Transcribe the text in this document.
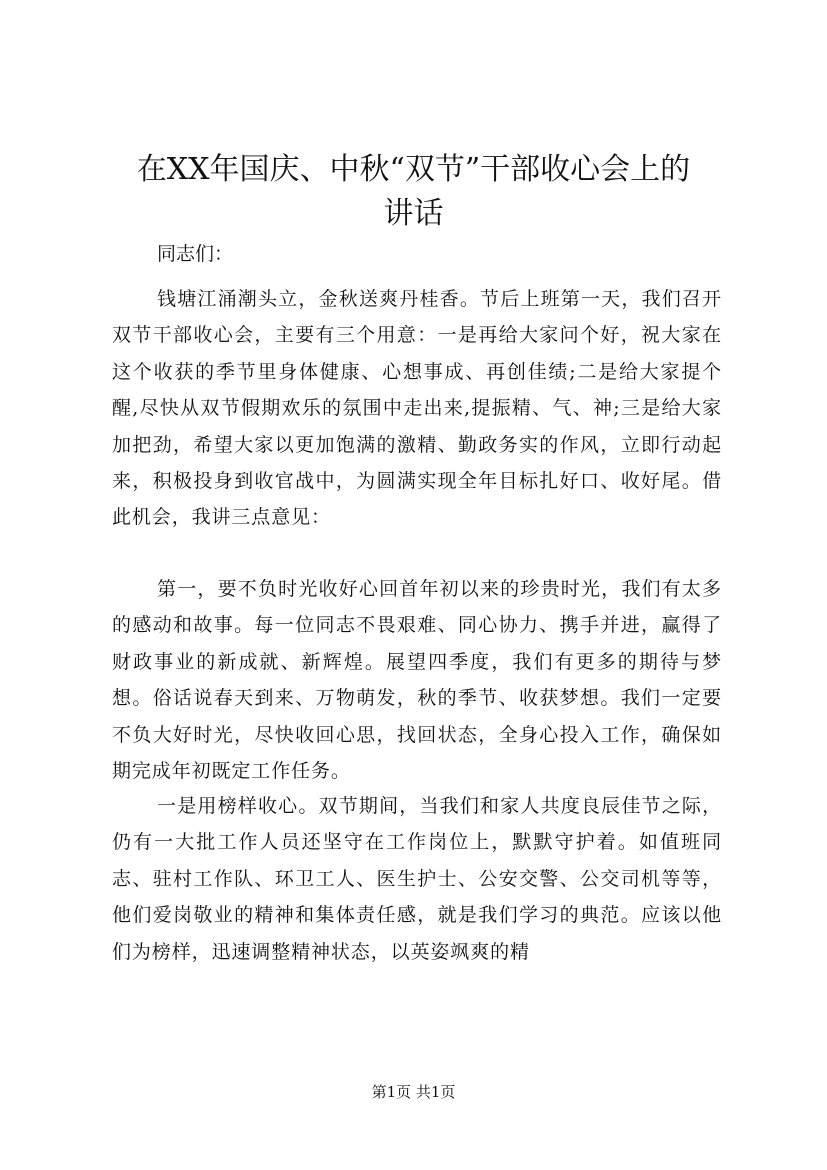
在XX年国庆、中秋“双节”干部收心会上的
讲话

同志们：

钱塘江涌潮头立，金秋送爽丹桂香。节后上班第一天，我们召开双节干部收心会，主要有三个用意：一是再给大家问个好，祝大家在这个收获的季节里身体健康、心想事成、再创佳绩;二是给大家提个醒,尽快从双节假期欢乐的氛围中走出来,提振精、气、神;三是给大家加把劲，希望大家以更加饱满的激精、勤政务实的作风，立即行动起来，积极投身到收官战中，为圆满实现全年目标扎好口、收好尾。借此机会，我讲三点意见：

第一，要不负时光收好心回首年初以来的珍贵时光，我们有太多的感动和故事。每一位同志不畏艰难、同心协力、携手并进，赢得了财政事业的新成就、新辉煌。展望四季度，我们有更多的期待与梦想。俗话说春天到来、万物萌发，秋的季节、收获梦想。我们一定要不负大好时光，尽快收回心思，找回状态，全身心投入工作，确保如期完成年初既定工作任务。

一是用榜样收心。双节期间，当我们和家人共度良辰佳节之际，仍有一大批工作人员还坚守在工作岗位上，默默守护着。如值班同志、驻村工作队、环卫工人、医生护士、公安交警、公交司机等等，他们爱岗敬业的精神和集体责任感，就是我们学习的典范。应该以他们为榜样，迅速调整精神状态，以英姿飒爽的精

第1页 共1页
